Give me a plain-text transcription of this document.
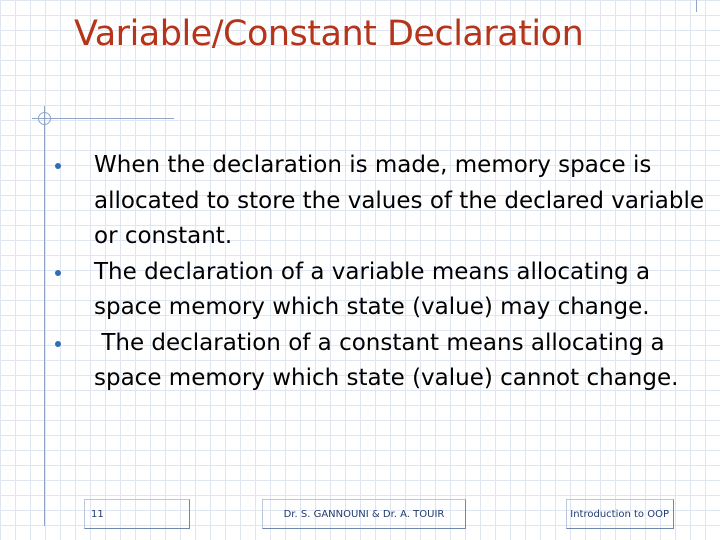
Variable/Constant Declaration
When the declaration is made, memory space is allocated to store the values of the declared variable or constant.
The declaration of a variable means allocating a space memory which state (value) may change.
The declaration of a constant means allocating a space memory which state (value) cannot change.
11	Dr. S. GANNOUNI & Dr. A. TOUIR	Introduction to OOP
